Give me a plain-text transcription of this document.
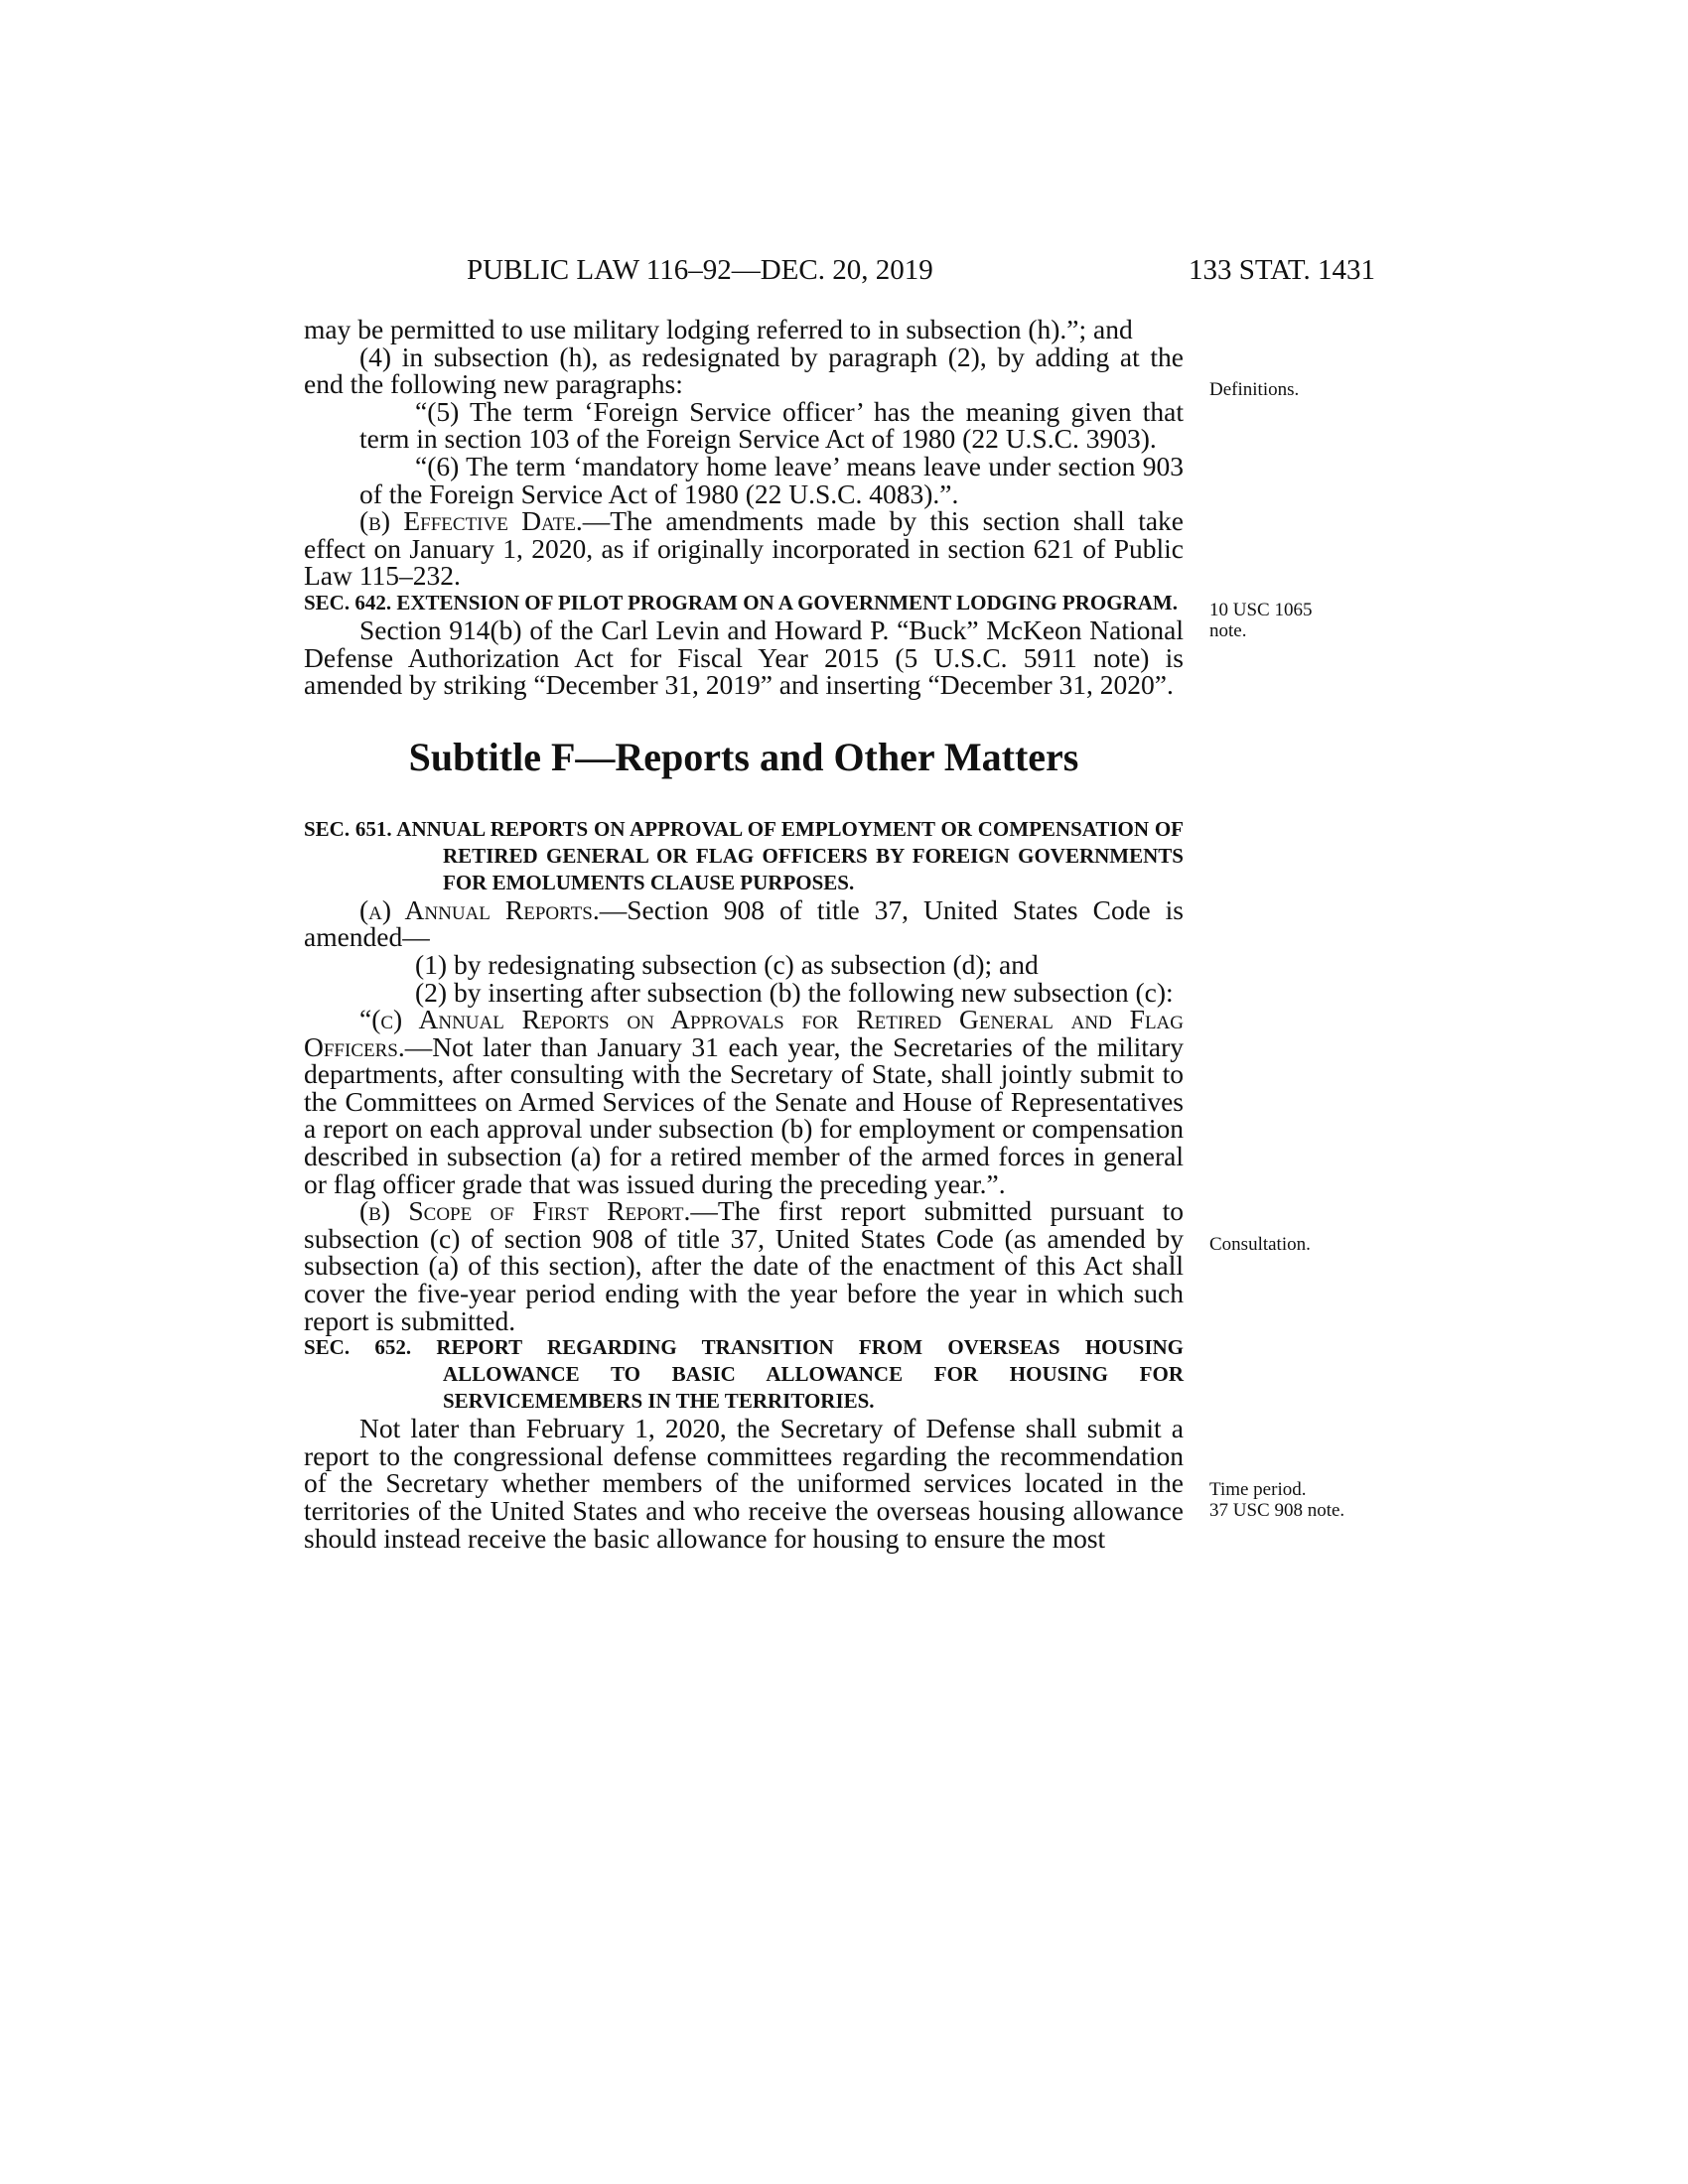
PUBLIC LAW 116–92—DEC. 20, 2019	133 STAT. 1431

may be permitted to use military lodging referred to in subsection (h).”; and

(4) in subsection (h), as redesignated by paragraph (2), by adding at the end the following new paragraphs:

“(5) The term ‘Foreign Service officer’ has the meaning given that term in section 103 of the Foreign Service Act of 1980 (22 U.S.C. 3903).

“(6) The term ‘mandatory home leave’ means leave under section 903 of the Foreign Service Act of 1980 (22 U.S.C. 4083).”.

(b) Effective Date.—The amendments made by this section shall take effect on January 1, 2020, as if originally incorporated in section 621 of Public Law 115–232.

SEC. 642. EXTENSION OF PILOT PROGRAM ON A GOVERNMENT LODGING PROGRAM.

Section 914(b) of the Carl Levin and Howard P. “Buck” McKeon National Defense Authorization Act for Fiscal Year 2015 (5 U.S.C. 5911 note) is amended by striking “December 31, 2019” and inserting “December 31, 2020”.

Subtitle F—Reports and Other Matters

SEC. 651. ANNUAL REPORTS ON APPROVAL OF EMPLOYMENT OR COMPENSATION OF RETIRED GENERAL OR FLAG OFFICERS BY FOREIGN GOVERNMENTS FOR EMOLUMENTS CLAUSE PURPOSES.

(a) Annual Reports.—Section 908 of title 37, United States Code is amended—

(1) by redesignating subsection (c) as subsection (d); and

(2) by inserting after subsection (b) the following new subsection (c):

“(c) Annual Reports on Approvals for Retired General and Flag Officers.—Not later than January 31 each year, the Secretaries of the military departments, after consulting with the Secretary of State, shall jointly submit to the Committees on Armed Services of the Senate and House of Representatives a report on each approval under subsection (b) for employment or compensation described in subsection (a) for a retired member of the armed forces in general or flag officer grade that was issued during the preceding year.”.

(b) Scope of First Report.—The first report submitted pursuant to subsection (c) of section 908 of title 37, United States Code (as amended by subsection (a) of this section), after the date of the enactment of this Act shall cover the five-year period ending with the year before the year in which such report is submitted.

SEC. 652. REPORT REGARDING TRANSITION FROM OVERSEAS HOUSING ALLOWANCE TO BASIC ALLOWANCE FOR HOUSING FOR SERVICEMEMBERS IN THE TERRITORIES.

Not later than February 1, 2020, the Secretary of Defense shall submit a report to the congressional defense committees regarding the recommendation of the Secretary whether members of the uniformed services located in the territories of the United States and who receive the overseas housing allowance should instead receive the basic allowance for housing to ensure the most

Definitions.
10 USC 1065 note.
Consultation.
Time period.
37 USC 908 note.
